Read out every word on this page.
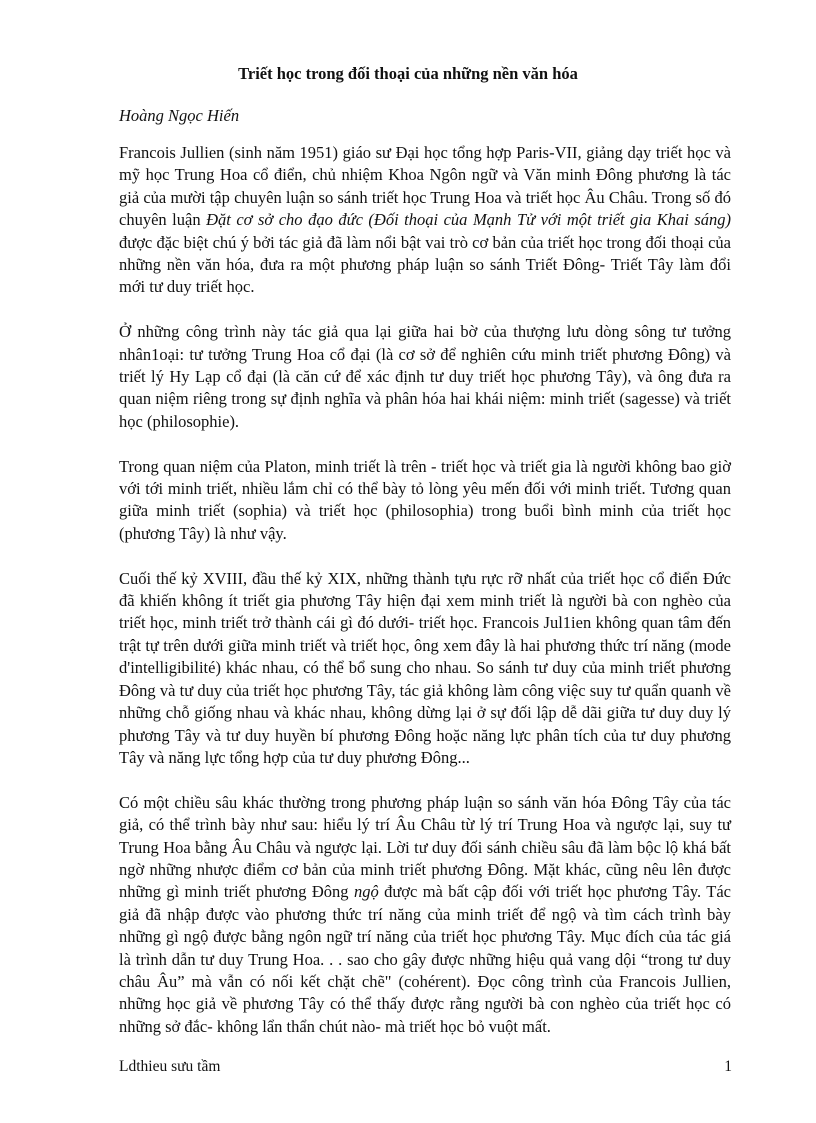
Triết học trong đối thoại của những nền văn hóa
Hoàng Ngọc Hiến

Francois Jullien (sinh năm 1951) giáo sư Đại học tổng hợp Paris-VII, giảng dạy triết học và mỹ học Trung Hoa cổ điển, chủ nhiệm Khoa Ngôn ngữ và Văn minh Đông phương là tác giả của mười tập chuyên luận so sánh triết học Trung Hoa và triết học Âu Châu. Trong số đó chuyên luận Đặt cơ sở cho đạo đức (Đối thoại của Mạnh Tử với một triết gia Khai sáng) được đặc biệt chú ý bởi tác giả đã làm nổi bật vai trò cơ bản của triết học trong đối thoại của những nền văn hóa, đưa ra một phương pháp luận so sánh Triết Đông- Triết Tây làm đổi mới tư duy triết học.

Ở những công trình này tác giả qua lại giữa hai bờ của thượng lưu dòng sông tư tưởng nhân1oại: tư tưởng Trung Hoa cổ đại (là cơ sở để nghiên cứu minh triết phương Đông) và triết lý Hy Lạp cổ đại (là căn cứ để xác định tư duy triết học phương Tây), và ông đưa ra quan niệm riêng trong sự định nghĩa và phân hóa hai khái niệm: minh triết (sagesse) và triết học (philosophie).

Trong quan niệm của Platon, minh triết là trên - triết học và triết gia là người không bao giờ với tới minh triết, nhiều lắm chỉ có thể bày tỏ lòng yêu mến đối với minh triết. Tương quan giữa minh triết (sophia) và triết học (philosophia) trong buổi bình minh của triết học (phương Tây) là như vậy.

Cuối thế kỷ XVIII, đầu thế kỷ XIX, những thành tựu rực rỡ nhất của triết học cổ điển Đức đã khiến không ít triết gia phương Tây hiện đại xem minh triết là người bà con nghèo của triết học, minh triết trở thành cái gì đó dưới- triết học. Francois Jul1ien không quan tâm đến trật tự trên dưới giữa minh triết và triết học, ông xem đây là hai phương thức trí năng (mode d'intelligibilité) khác nhau, có thể bổ sung cho nhau. So sánh tư duy của minh triết phương Đông và tư duy của triết học phương Tây, tác giả không làm công việc suy tư quẩn quanh về những chỗ giống nhau và khác nhau, không dừng lại ở sự đối lập dễ dãi giữa tư duy duy lý phương Tây và tư duy huyền bí phương Đông hoặc năng lực phân tích của tư duy phương Tây và năng lực tổng hợp của tư duy phương Đông...

Có một chiều sâu khác thường trong phương pháp luận so sánh văn hóa Đông Tây của tác giả, có thể trình bày như sau: hiểu lý trí Âu Châu từ lý trí Trung Hoa và ngược lại, suy tư Trung Hoa bằng Âu Châu và ngược lại. Lời tư duy đối sánh chiều sâu đã làm bộc lộ khá bất ngờ những nhược điểm cơ bản của minh triết phương Đông. Mặt khác, cũng nêu lên được những gì minh triết phương Đông ngộ được mà bất cập đối với triết học phương Tây. Tác giả đã nhập được vào phương thức trí năng của minh triết để ngộ và tìm cách trình bày những gì ngộ được bằng ngôn ngữ trí năng của triết học phương Tây. Mục đích của tác giá là trình dẫn tư duy Trung Hoa. . . sao cho gây được những hiệu quả vang dội “trong tư duy châu Âu” mà vẫn có nối kết chặt chẽ" (cohérent). Đọc công trình của Francois Jullien, những học giả về phương Tây có thể thấy được rằng người bà con nghèo của triết học có những sở đắc- không lẩn thẩn chút nào- mà triết học bỏ vuột mất.

Ldthieu sưu tầm	1
